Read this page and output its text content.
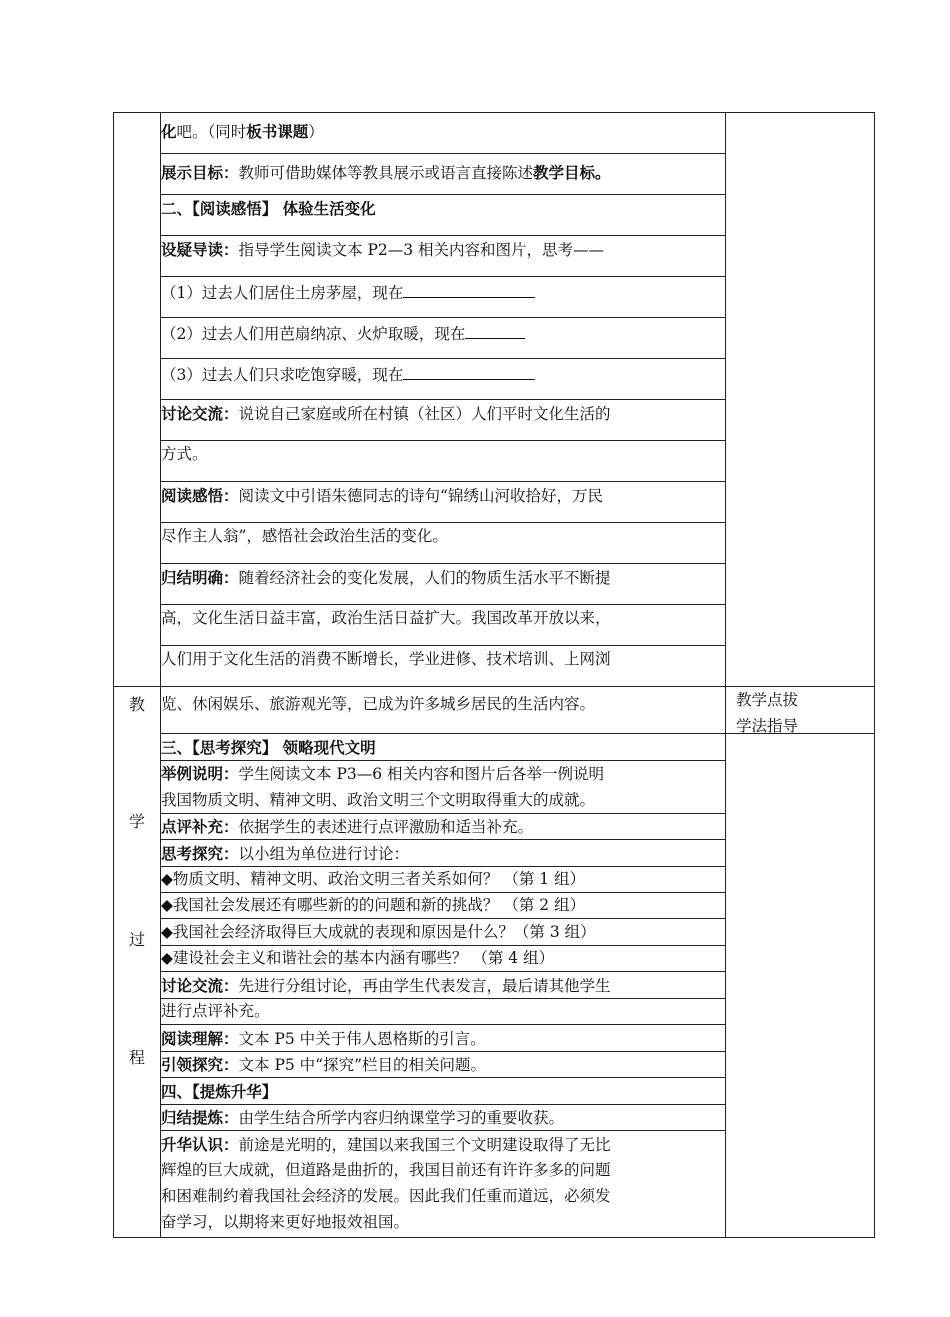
教
学
过
程
教学点拔
学法指导
化吧。（同时板书课题）
展示目标：教师可借助媒体等教具展示或语言直接陈述教学目标。
二、【阅读感悟】 体验生活变化
设疑导读：指导学生阅读文本 P2—3 相关内容和图片，思考——
（1）过去人们居住土房茅屋，现在
（2）过去人们用芭扇纳凉、火炉取暖，现在
（3）过去人们只求吃饱穿暖，现在
讨论交流：说说自己家庭或所在村镇（社区）人们平时文化生活的
方式。
阅读感悟：阅读文中引语朱德同志的诗句“锦绣山河收拾好，万民
尽作主人翁”，感悟社会政治生活的变化。
归结明确：随着经济社会的变化发展，人们的物质生活水平不断提
高，文化生活日益丰富，政治生活日益扩大。我国改革开放以来，
人们用于文化生活的消费不断增长，学业进修、技术培训、上网浏
览、休闲娱乐、旅游观光等，已成为许多城乡居民的生活内容。
三、【思考探究】 领略现代文明
举例说明：学生阅读文本 P3—6 相关内容和图片后各举一例说明
我国物质文明、精神文明、政治文明三个文明取得重大的成就。
点评补充：依据学生的表述进行点评激励和适当补充。
思考探究：以小组为单位进行讨论：
◆物质文明、精神文明、政治文明三者关系如何？ （第 1 组）
◆我国社会发展还有哪些新的的问题和新的挑战？ （第 2 组）
◆我国社会经济取得巨大成就的表现和原因是什么？（第 3 组）
◆建设社会主义和谐社会的基本内涵有哪些？ （第 4 组）
讨论交流：先进行分组讨论，再由学生代表发言，最后请其他学生
进行点评补充。
阅读理解：文本 P5 中关于伟人恩格斯的引言。
引领探究：文本 P5 中“探究”栏目的相关问题。
四、【提炼升华】
归结提炼：由学生结合所学内容归纳课堂学习的重要收获。
升华认识：前途是光明的，建国以来我国三个文明建设取得了无比
辉煌的巨大成就，但道路是曲折的，我国目前还有许许多多的问题
和困难制约着我国社会经济的发展。因此我们任重而道远，必须发
奋学习，以期将来更好地报效祖国。
